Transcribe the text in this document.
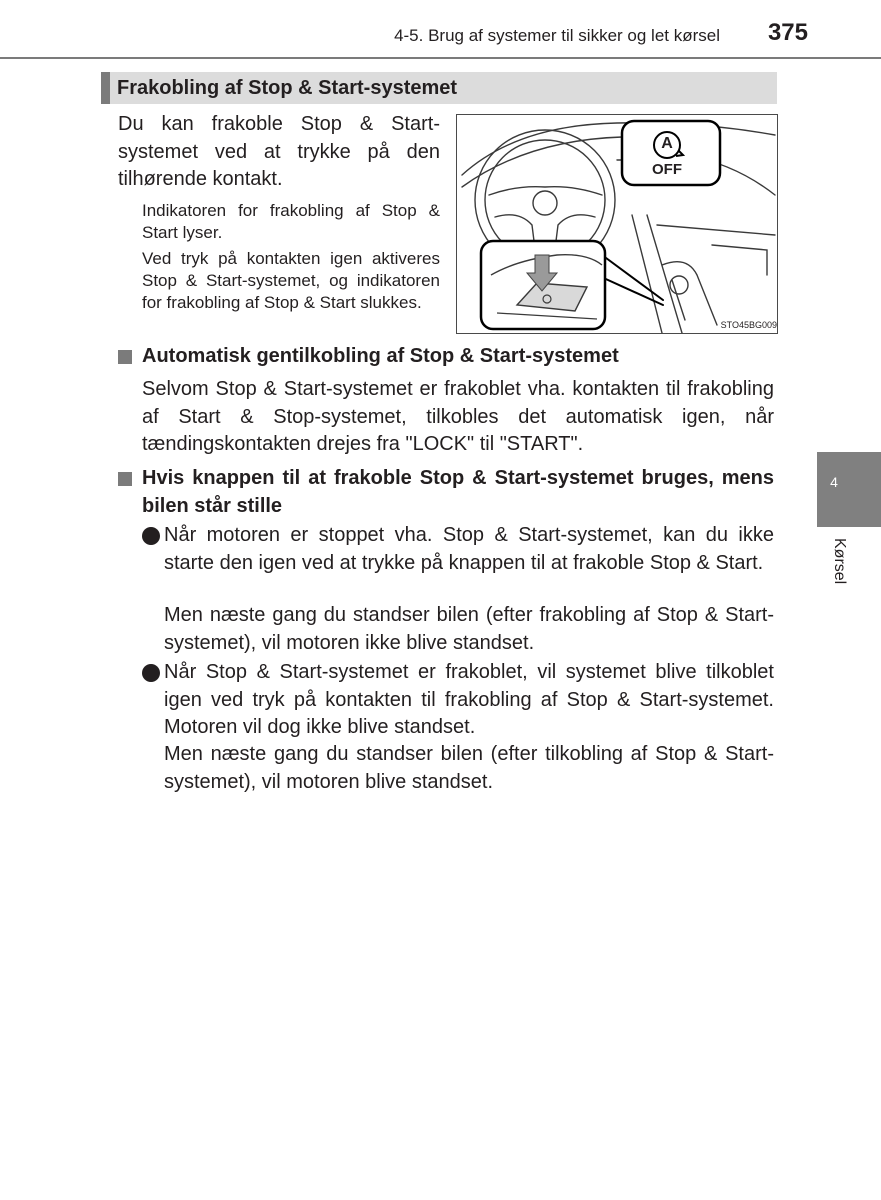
4-5. Brug af systemer til sikker og let kørsel	375
4
Kørsel
Frakobling af Stop & Start-systemet
Du kan frakoble Stop & Start-systemet ved at trykke på den tilhørende kontakt.
Indikatoren for frakobling af Stop & Start lyser.
Ved tryk på kontakten igen aktiveres Stop & Start-systemet, og indikatoren for frakobling af Stop & Start slukkes.
A
OFF
STO45BG009
Automatisk gentilkobling af Stop & Start-systemet
Selvom Stop & Start-systemet er frakoblet vha. kontakten til frakobling af Start & Stop-systemet, tilkobles det automatisk igen, når tændingskontakten drejes fra "LOCK" til "START".
Hvis knappen til at frakoble Stop & Start-systemet bruges, mens bilen står stille
Når motoren er stoppet vha. Stop & Start-systemet, kan du ikke starte den igen ved at trykke på knappen til at frakoble Stop & Start.
Men næste gang du standser bilen (efter frakobling af Stop & Start-systemet), vil motoren ikke blive standset.
Når Stop & Start-systemet er frakoblet, vil systemet blive tilkoblet igen ved tryk på kontakten til frakobling af Stop & Start-systemet. Motoren vil dog ikke blive standset.
Men næste gang du standser bilen (efter tilkobling af Stop & Start-systemet), vil motoren blive standset.
